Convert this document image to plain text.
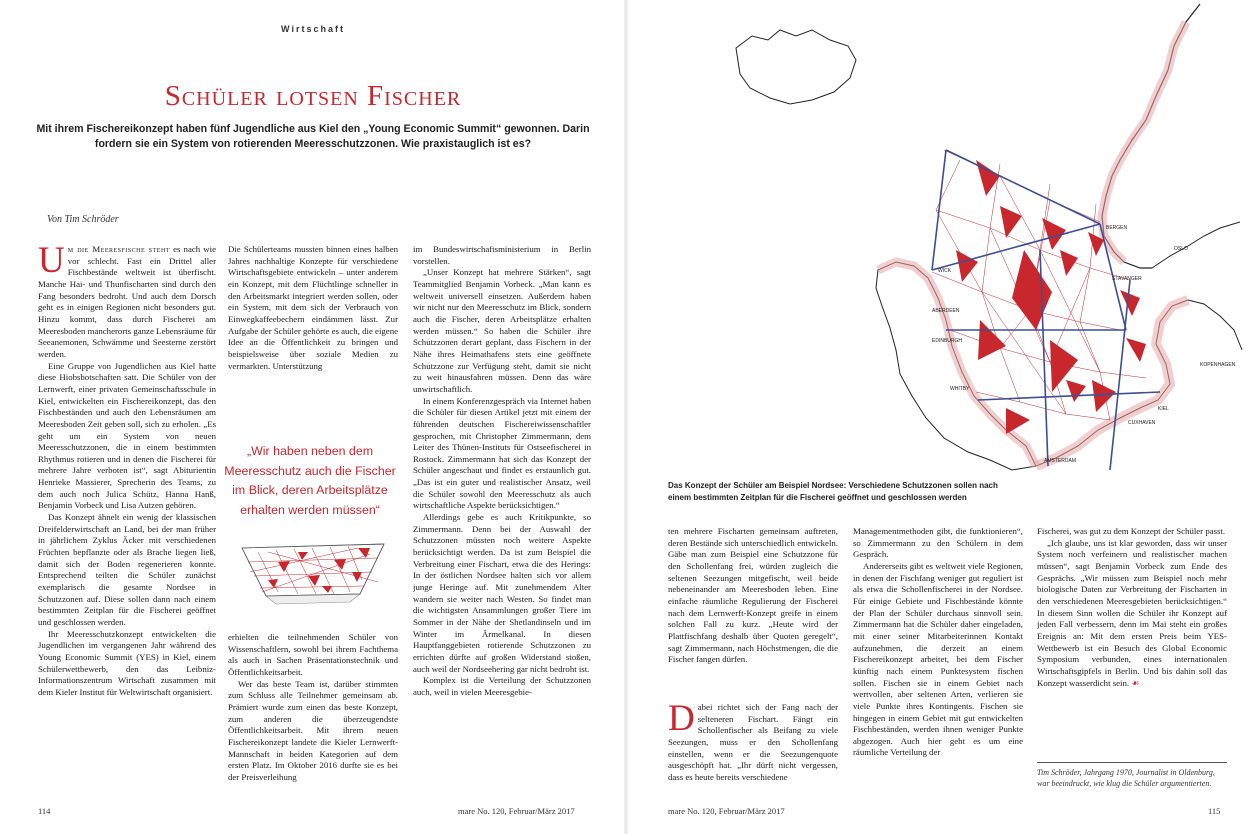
Wirtschaft
Schüler lotsen Fischer
Mit ihrem Fischereikonzept haben fünf Jugendliche aus Kiel den „Young Economic Summit“ gewonnen. Darin fordern sie ein System von rotierenden Meeresschutzzonen. Wie praxistauglich ist es?
Von Tim Schröder

U m die Meeresfische steht es nach wie vor schlecht. Fast ein Drittel aller Fischbestände weltweit ist überfischt. Manche Hai- und Thunfischarten sind durch den Fang besonders bedroht. Und auch dem Dorsch geht es in einigen Regionen nicht besonders gut. Hinzu kommt, dass durch Fischerei am Meeresboden mancherorts ganze Lebensräume für Seeanemonen, Schwämme und Seesterne zerstört werden.

Eine Gruppe von Jugendlichen aus Kiel hatte diese Hiobsbotschaften satt. Die Schüler von der Lernwerft, einer privaten Gemeinschaftsschule in Kiel, entwickelten ein Fischereikonzept, das den Fischbeständen und auch den Lebensräumen am Meeresboden Zeit geben soll, sich zu erholen. „Es geht um ein System von neuen Meeresschutzzonen, die in einem bestimmten Rhythmus rotieren und in denen die Fischerei für mehrere Jahre verboten ist“, sagt Abiturientin Henrieke Massierer, Sprecherin des Teams, zu dem auch noch Julica Schütz, Hanna Hanß, Benjamin Vorbeck und Lisa Autzen gehören.

Das Konzept ähnelt ein wenig der klassischen Dreifelderwirtschaft an Land, bei der man früher in jährlichem Zyklus Äcker mit verschiedenen Früchten bepflanzte oder als Brache liegen ließ, damit sich der Boden regenerieren konnte. Entsprechend teilten die Schüler zunächst exemplarisch die gesamte Nordsee in Schutzzonen auf. Diese sollen dann nach einem bestimmten Zeitplan für die Fischerei geöffnet und geschlossen werden.

Ihr Meeresschutzkonzept entwickelten die Jugendlichen im vergangenen Jahr während des Young Economic Summit (YES) in Kiel, einem Schülerwettbewerb, den das Leibniz-Informationszentrum Wirtschaft zusammen mit dem Kieler Institut für Weltwirtschaft organisiert.

Die Schülerteams mussten binnen eines halben Jahres nachhaltige Konzepte für verschiedene Wirtschaftsgebiete entwickeln – unter anderem ein Konzept, mit dem Flüchtlinge schneller in den Arbeitsmarkt integriert werden sollen, oder ein System, mit dem sich der Verbrauch von Einwegkaffeebechern eindämmen lässt. Zur Aufgabe der Schüler gehörte es auch, die eigene Idee an die Öffentlichkeit zu bringen und beispielsweise über soziale Medien zu vermarkten. Unterstützung

„Wir haben neben dem Meeresschutz auch die Fischer im Blick, deren Arbeitsplätze erhalten werden müssen“

erhielten die teilnehmenden Schüler von Wissenschaftlern, sowohl bei ihrem Fachthema als auch in Sachen Präsentationstechnik und Öffentlichkeitsarbeit.

Wer das beste Team ist, darüber stimmten zum Schluss alle Teilnehmer gemeinsam ab. Prämiert wurde zum einen das beste Konzept, zum anderen die überzeugendste Öffentlichkeitsarbeit. Mit ihrem neuen Fischereikonzept landete die Kieler Lernwerft-Mannschaft in beiden Kategorien auf dem ersten Platz. Im Oktober 2016 durfte sie es bei der Preisverleihung

im Bundeswirtschaftsministerium in Berlin vorstellen.

„Unser Konzept hat mehrere Stärken“, sagt Teammitglied Benjamin Vorbeck. „Man kann es weltweit universell einsetzen. Außerdem haben wir nicht nur den Meeresschutz im Blick, sondern auch die Fischer, deren Arbeitsplätze erhalten werden müssen.“ So haben die Schüler ihre Schutzzonen derart geplant, dass Fischern in der Nähe ihres Heimathafens stets eine geöffnete Schutzzone zur Verfügung steht, damit sie nicht zu weit hinausfahren müssen. Denn das wäre unwirtschaftlich.

In einem Konferenzgespräch via Internet haben die Schüler für diesen Artikel jetzt mit einem der führenden deutschen Fischereiwissenschaftler gesprochen, mit Christopher Zimmermann, dem Leiter des Thünen-Instituts für Ostseefischerei in Rostock. Zimmermann hat sich das Konzept der Schüler angeschaut und findet es erstaunlich gut. „Das ist ein guter und realistischer Ansatz, weil die Schüler sowohl den Meeresschutz als auch wirtschaftliche Aspekte berücksichtigen.“

Allerdings gebe es auch Kritikpunkte, so Zimmermann. Denn bei der Auswahl der Schutzzonen müssten noch weitere Aspekte berücksichtigt werden. Da ist zum Beispiel die Verbreitung einer Fischart, etwa die des Herings: In der östlichen Nordsee halten sich vor allem junge Heringe auf. Mit zunehmendem Alter wandern sie weiter nach Westen. So findet man die wichtigsten Ansammlungen großer Tiere im Sommer in der Nähe der Shetlandinseln und im Winter im Ärmelkanal. In diesen Hauptfanggebieten rotierende Schutzzonen zu errichten dürfte auf großen Widerstand stoßen, auch weil der Nordseehering gar nicht bedroht ist.

Komplex ist die Verteilung der Schutzzonen auch, weil in vielen Meeresgebie-

114	mare No. 120, Februar/März 2017
BERGEN
OSLO
STAVANGER
WICK
ABERDEEN
EDINBURGH
WHITBY
KOPENHAGEN
KIEL
CUXHAVEN
AMSTERDAM
Das Konzept der Schüler am Beispiel Nordsee: Verschiedene Schutzzonen sollen nach einem bestimmten Zeitplan für die Fischerei geöffnet und geschlossen werden

ten mehrere Fischarten gemeinsam auftreten, deren Bestände sich unterschiedlich entwickeln. Gäbe man zum Beispiel eine Schutzzone für den Schollenfang frei, würden zugleich die seltenen Seezungen mitgefischt, weil beide nebeneinander am Meeresboden leben. Eine einfache räumliche Regulierung der Fischerei nach dem Lernwerft-Konzept greife in einem solchen Fall zu kurz. „Heute wird der Plattfischfang deshalb über Quoten geregelt“, sagt Zimmermann, nach Höchstmengen, die die Fischer fangen dürfen.

D abei richtet sich der Fang nach der selteneren Fischart. Fängt ein Schollenfischer als Beifang zu viele Seezungen, muss er den Schollenfang einstellen, wenn er die Seezungenquote ausgeschöpft hat. „Ihr dürft nicht vergessen, dass es heute bereits verschiedene

Managementmethoden gibt, die funktionieren“, so Zimmermann zu den Schülern in dem Gespräch.

Andererseits gibt es weltweit viele Regionen, in denen der Fischfang weniger gut reguliert ist als etwa die Schollenfischerei in der Nordsee. Für einige Gebiete und Fischbestände könnte der Plan der Schüler durchaus sinnvoll sein. Zimmermann hat die Schüler daher eingeladen, mit einer seiner Mitarbeiterinnen Kontakt aufzunehmen, die derzeit an einem Fischereikonzept arbeitet, bei dem Fischer künftig nach einem Punktesystem fischen sollen. Fischen sie in einem Gebiet nach wertvollen, aber seltenen Arten, verlieren sie viele Punkte ihres Kontingents. Fischen sie hingegen in einem Gebiet mit gut entwickelten Fischbeständen, werden ihnen weniger Punkte abgezogen. Auch hier geht es um eine räumliche Verteilung der

Fischerei, was gut zu dem Konzept der Schüler passt.

„Ich glaube, uns ist klar geworden, dass wir unser System noch verfeinern und realistischer machen müssen“, sagt Benjamin Vorbeck zum Ende des Gesprächs. „Wir müssen zum Beispiel noch mehr biologische Daten zur Verbreitung der Fischarten in den verschiedenen Meeresgebieten berücksichtigen.“ In diesem Sinn wollen die Schüler ihr Konzept auf jeden Fall verbessern, denn im Mai steht ein großes Ereignis an: Mit dem ersten Preis beim YES-Wettbewerb ist ein Besuch des Global Economic Symposium verbunden, eines internationalen Wirtschaftsgipfels in Berlin. Und bis dahin soll das Konzept wasserdicht sein. ☙

Tim Schröder, Jahrgang 1970, Journalist in Oldenburg, war beeindruckt, wie klug die Schüler argumentierten.
mare No. 120, Februar/März 2017	115
